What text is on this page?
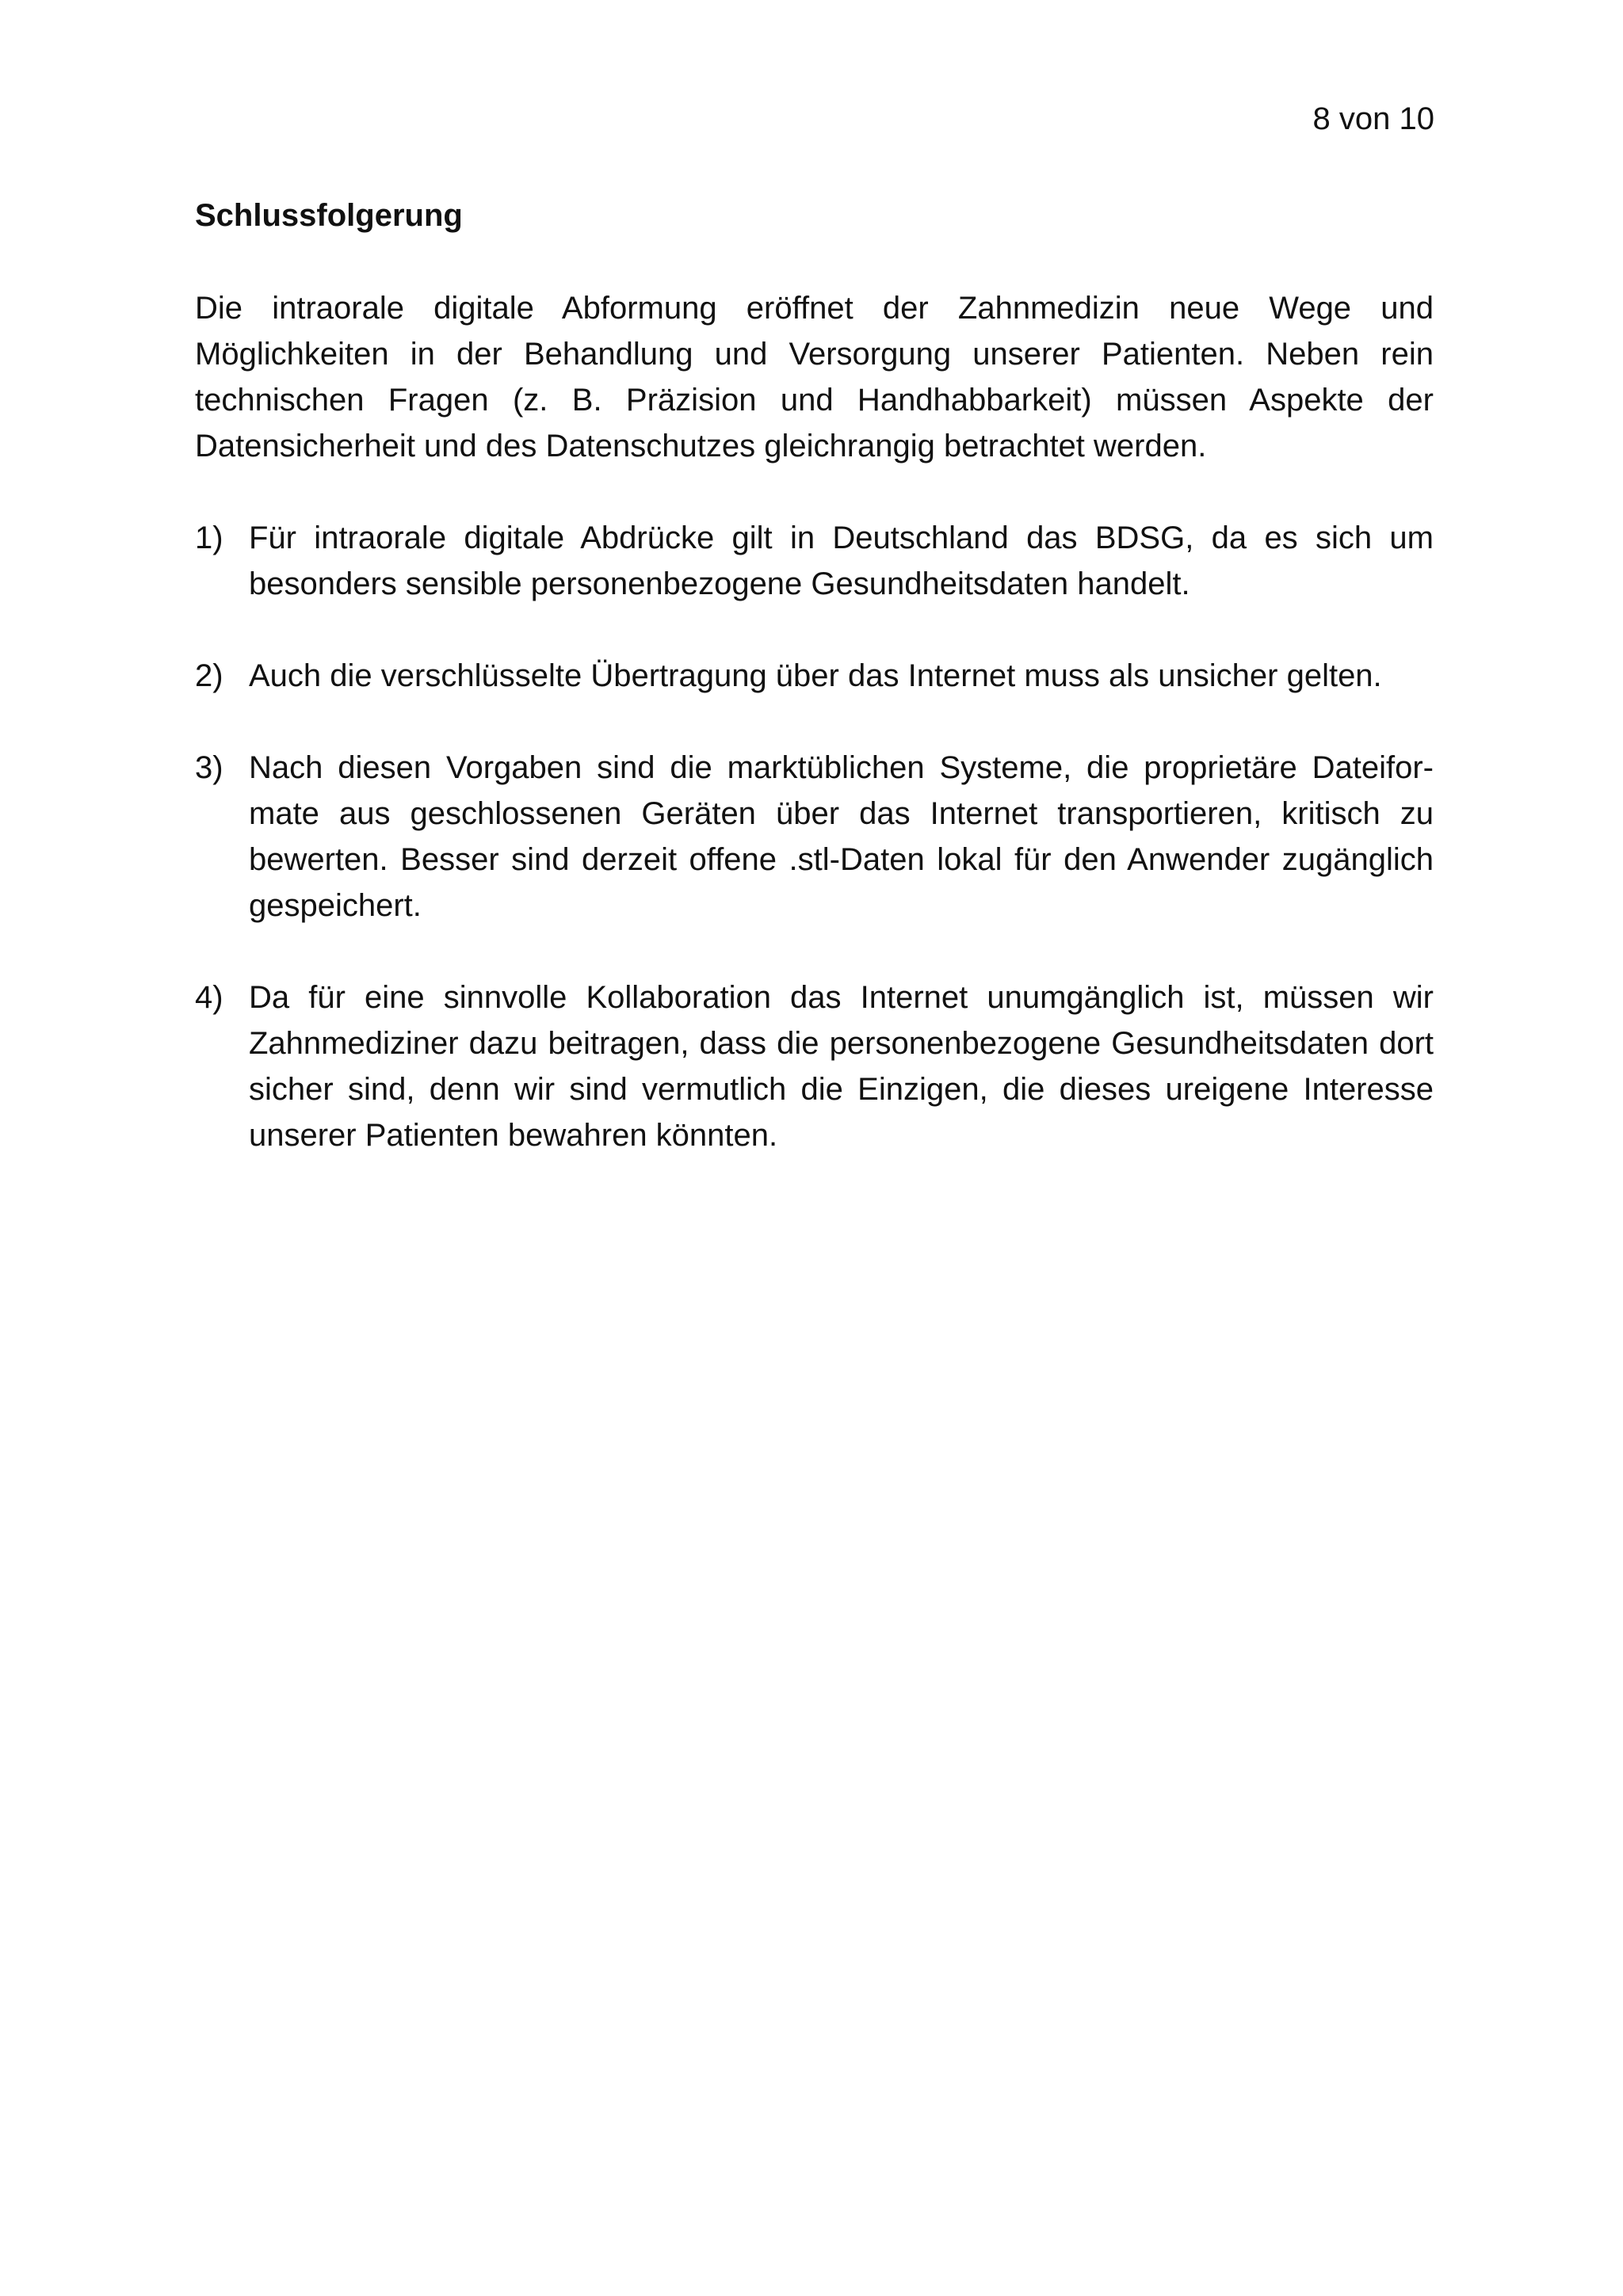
8 von 10
Schlussfolgerung

Die intraorale digitale Abformung eröffnet der Zahnmedizin neue Wege und Möglichkeiten in der Behandlung und Versorgung unserer Patienten. Neben rein technischen Fragen (z. B. Präzision und Handhabbarkeit) müssen Aspekte der Datensicherheit und des Datenschutzes gleichrangig betrachtet werden.

1) Für intraorale digitale Abdrücke gilt in Deutschland das BDSG, da es sich um besonders sensible personenbezogene Gesundheitsdaten handelt.
2) Auch die verschlüsselte Übertragung über das Internet muss als unsicher gelten.
3) Nach diesen Vorgaben sind die marktüblichen Systeme, die proprietäre Dateiformate aus geschlossenen Geräten über das Internet transportieren, kritisch zu bewerten. Besser sind derzeit offene .stl-Daten lokal für den Anwender zugänglich gespeichert.
4) Da für eine sinnvolle Kollaboration das Internet unumgänglich ist, müssen wir Zahnmediziner dazu beitragen, dass die personenbezogene Gesundheitsdaten dort sicher sind, denn wir sind vermutlich die Einzigen, die dieses ureigene Interesse unserer Patienten bewahren könnten.
